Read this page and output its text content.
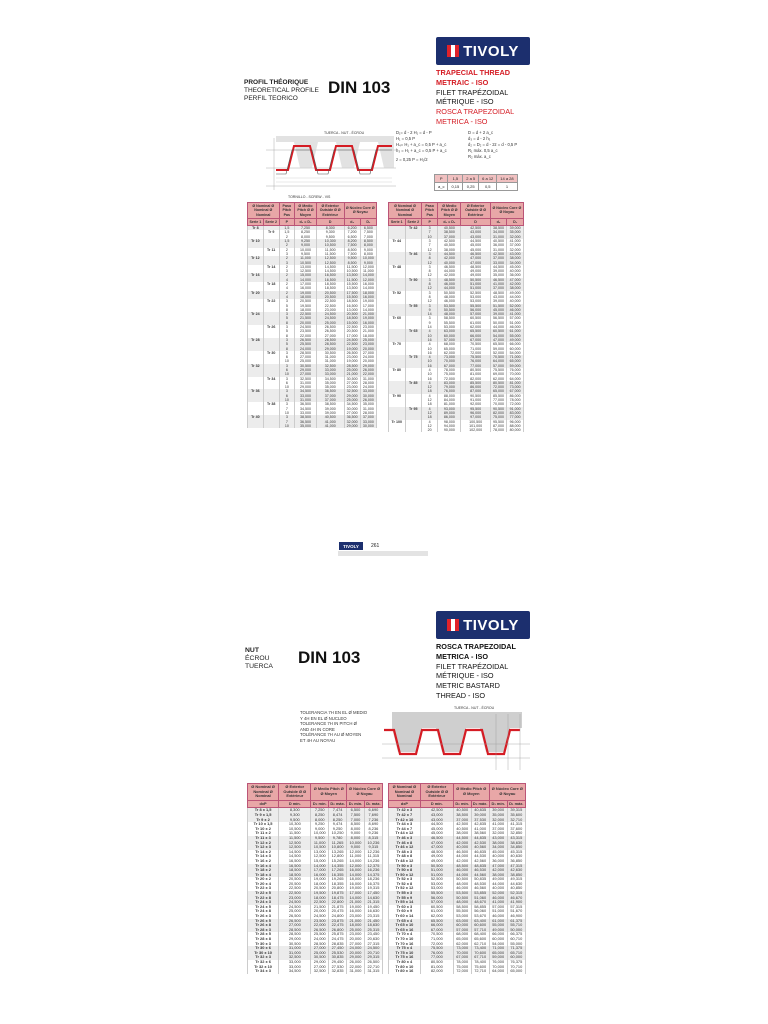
TIVOLY
PROFIL THÉORIQUE
THEORETICAL PROFILE
PERFIL TEORICO
DIN 103
TRAPECIAL THREAD
METRAIC - ISO
FILET TRAPÉZOIDAL
MÉTRIQUE - ISO
ROSCA TRAPEZOIDAL
METRICA - ISO
TUERCA - NUT - ÉCROU
TORNILLO - SCREW - VIS
D₁= d - 2 H₁ = d - P
H₁ = 0,5 P
H₄= H₁ + a_c = 0,5 P + a_c
h₃ = H₁ + a_c = 0,5 P + a_c
z = 0,25 P = H₁/2
D = d + 2 a_c
d₃ = d - 2 h₃
d₂ = D₂ = d - 2z = d - 0,5 P
R₁ máx. 0,5 a_c
R₂ máx. a_c
P	1,5	2 a 5	6 a 12	14 a 28
a_c	0,15	0,25	0,5	1
Ø Nominal Ø Nominal Ø Nominal		Paso Pitch Pas	Ø Medio Pitch Ø Ø Moyen	Ø Exterior Outside Ø Ø Extérieur	Ø Núcleo Core Ø Ø Noyau	
Serie 1	Serie 2	P	d₂ = D₂	D	d₃	D₁
Tr 8		1,5	7,250	8,300	6,200	6,500
	Tr 9	1,5	8,250	9,300	7,200	7,500
		2	8,000	9,500	6,500	7,000
Tr 10		1,5	9,250	10,300	8,200	8,500
		2	9,000	10,500	7,500	8,000
	Tr 11	2	10,000	11,500	8,500	9,000
		3	9,500	11,500	7,500	8,000
Tr 12		2	11,000	12,500	9,500	10,000
		3	10,500	12,500	8,500	9,000
	Tr 14	2	13,000	14,500	11,500	12,000
		3	12,500	14,500	10,500	11,000
Tr 16		2	15,000	16,500	13,500	14,000
		4	14,000	16,500	11,500	12,000
	Tr 18	2	17,000	18,500	15,500	16,000
		4	16,000	18,500	13,500	14,000
Tr 20		2	19,000	20,500	17,500	18,000
		4	18,000	20,500	15,500	16,000
	Tr 22	3	20,500	22,500	18,500	19,000
		5	19,500	22,500	16,500	17,000
		8	18,000	23,000	13,000	14,000
Tr 24		3	22,500	24,500	20,500	21,000
		5	21,500	24,500	18,500	19,000
		8	20,000	25,000	15,000	16,000
	Tr 26	3	24,500	26,500	22,500	23,000
		5	23,500	26,500	20,500	21,000
		8	22,000	27,000	17,000	18,000
Tr 28		3	26,500	28,500	24,500	25,000
		5	25,500	28,500	22,500	23,000
		8	24,000	29,000	19,000	20,000
	Tr 30	3	28,500	30,500	26,500	27,000
		6	27,000	31,000	23,000	24,000
		10	25,000	31,000	19,000	20,000
Tr 32		3	30,500	32,500	28,500	29,000
		6	29,000	33,000	25,000	26,000
		10	27,000	33,000	21,000	22,000
	Tr 34	3	32,500	34,500	30,500	31,000
		6	31,000	35,000	27,000	28,000
		10	29,000	35,000	23,000	24,000
Tr 36		3	34,500	36,500	32,500	33,000
		6	33,000	37,000	29,000	30,000
		10	31,000	37,000	25,000	26,000
	Tr 38	3	36,500	38,500	34,500	35,000
		7	34,500	39,000	30,000	31,000
		10	33,000	39,000	27,000	28,000
Tr 40		3	38,500	40,500	36,500	37,000
		7	36,500	41,000	32,000	33,000
		10	35,000	41,000	29,000	30,000
Ø Nominal Ø Nominal Ø Nominal		Paso Pitch Pas	Ø Medio Pitch Ø Ø Moyen	Ø Exterior Outside Ø Ø Extérieur	Ø Núcleo Core Ø Ø Noyau	
Serie 1	Serie 2	P	d₂ = D₂	D	d₃	D₁
	Tr 42	3	40,500	42,500	38,500	39,000
		7	38,500	43,000	34,000	35,000
		10	37,000	43,000	31,000	32,000
Tr 44		3	42,500	44,500	40,500	41,000
		7	40,500	45,000	36,000	37,000
		12	38,000	45,000	31,000	32,000
	Tr 46	3	44,500	46,500	42,500	43,000
		8	42,000	47,000	37,000	38,000
		12	40,000	47,000	33,000	34,000
Tr 48		3	46,500	48,500	44,500	45,000
		8	44,000	49,000	39,000	40,000
		12	42,000	49,000	35,000	36,000
	Tr 50	3	48,500	50,500	46,500	47,000
		8	46,000	51,000	41,000	42,000
		12	44,000	51,000	37,000	38,000
Tr 52		3	50,500	52,500	48,500	49,000
		8	48,000	53,000	43,000	44,000
		12	46,000	53,000	39,000	40,000
	Tr 55	3	53,500	55,500	51,500	52,000
		9	50,500	56,000	45,000	46,000
		14	48,000	57,000	39,000	41,000
Tr 60		3	58,500	60,500	56,500	57,000
		9	55,500	61,000	50,000	51,000
		14	53,000	62,000	44,000	46,000
	Tr 65	4	63,000	65,500	60,500	61,000
		10	60,000	66,000	54,000	55,000
		16	57,000	67,000	47,000	49,000
Tr 70		4	68,000	70,500	65,500	66,000
		10	65,000	71,000	59,000	60,000
		16	62,000	72,000	52,000	54,000
	Tr 75	4	73,000	75,500	70,500	71,000
		10	70,000	76,000	64,000	65,000
		16	67,000	77,000	57,000	59,000
Tr 80		4	78,000	80,500	75,500	76,000
		10	75,000	81,000	69,000	70,000
		16	72,000	82,000	62,000	64,000
	Tr 85	4	83,000	85,500	80,500	81,000
		12	79,000	86,000	72,000	73,000
		18	76,000	87,000	65,000	67,000
Tr 90		4	88,000	90,500	85,500	86,000
		12	84,000	91,000	77,000	78,000
		18	81,000	92,000	70,000	72,000
	Tr 95	4	93,000	95,500	90,500	91,000
		12	89,000	96,000	82,000	83,000
		18	86,000	97,000	75,000	77,000
Tr 100		4	98,000	100,500	95,500	96,000
		12	94,000	101,000	87,000	88,000
		20	90,000	102,000	78,000	80,000
TIVOLY	261
TIVOLY
NUT
ÉCROU
TUERCA DIN 103
ROSCA TRAPEZOIDAL
METRICA - ISO
FILET TRAPÉZOIDAL
MÉTRIQUE - ISO
METRIC BASTARD
THREAD - ISO
TOLERANCIA 7H EN EL Ø MEDIO
Y 4H EN EL Ø NUCLEO
TOLERANCE 7H IN PITCH Ø
AND 4H IN CORE
TOLÉRANCE 7H AU Ø MOYEN
ET 4H AU NOYAU
TUERCA - NUT - ÉCROU
Ø Nominal Ø Nominal Ø Nominal	Ø Exterior Outside Ø Ø Extérieur	Ø Medio Pitch Ø Ø Moyen		Ø Núcleo Core Ø Ø Noyau	
dxP	D mín.	D₂ mín.	D₂ máx.	D₁ mín.	D₁ máx.
Tr 8 x 1,5	8,300	7,250	7,474	6,500	6,690
Tr 9 x 1,5	9,300	8,250	8,474	7,500	7,690
Tr 9 x 2	9,500	8,000	8,250	7,000	7,236
Tr 10 x 1,5	10,300	9,250	9,474	8,500	8,690
Tr 10 x 2	10,500	9,000	9,250	8,000	8,236
Tr 11 x 2	11,500	10,000	10,250	9,000	9,236
Tr 11 x 3	11,500	9,500	9,780	8,000	8,315
Tr 12 x 2	12,500	11,000	11,265	10,000	10,236
Tr 12 x 3	12,500	10,500	10,800	9,000	9,315
Tr 14 x 2	14,500	13,000	13,265	12,000	12,236
Tr 14 x 3	14,500	12,500	12,800	11,000	11,315
Tr 16 x 2	16,500	15,000	15,265	14,000	14,236
Tr 16 x 4	16,500	14,000	14,355	12,000	12,375
Tr 18 x 2	18,500	17,000	17,265	16,000	16,236
Tr 18 x 4	18,500	16,000	16,355	14,000	14,375
Tr 20 x 2	20,500	19,000	19,265	18,000	18,236
Tr 20 x 4	20,500	18,000	18,355	16,000	16,375
Tr 22 x 3	22,500	20,500	20,800	19,000	19,315
Tr 22 x 5	22,500	19,500	19,875	17,000	17,450
Tr 22 x 8	23,000	18,000	18,475	14,000	14,630
Tr 24 x 3	24,500	22,500	22,800	21,000	21,315
Tr 24 x 5	24,500	21,500	21,875	19,000	19,450
Tr 24 x 8	25,000	20,000	20,475	16,000	16,630
Tr 26 x 3	26,500	24,500	24,800	23,000	23,315
Tr 26 x 5	26,500	23,500	23,875	21,000	21,450
Tr 26 x 8	27,000	22,000	22,475	18,000	18,630
Tr 28 x 3	28,500	26,500	26,800	25,000	25,315
Tr 28 x 5	28,500	25,500	25,875	23,000	23,450
Tr 28 x 8	29,000	24,000	24,475	20,000	20,630
Tr 30 x 3	30,500	28,500	28,835	27,000	27,315
Tr 30 x 6	31,000	27,000	27,450	24,000	24,500
Tr 30 x 10	31,000	25,000	25,530	20,000	20,710
Tr 32 x 3	32,500	30,500	30,835	29,000	29,315
Tr 32 x 6	33,000	29,000	29,450	26,000	26,500
Tr 32 x 10	33,000	27,000	27,530	22,000	22,710
Tr 34 x 3	34,500	32,500	32,835	31,000	31,315
Ø Nominal Ø Nominal Ø Nominal	Ø Exterior Outside Ø Ø Extérieur	Ø Medio Pitch Ø Ø Moyen		Ø Núcleo Core Ø Ø Noyau	
dxP	D mín.	D₂ mín.	D₂ máx.	D₁ mín.	D₁ máx.
Tr 42 x 3	42,500	40,500	40,835	39,000	39,315
Tr 42 x 7	43,000	38,500	39,000	35,000	35,600
Tr 42 x 10	43,000	37,000	37,530	32,000	32,710
Tr 44 x 3	44,500	42,500	42,835	41,000	41,315
Tr 44 x 7	45,000	40,500	41,000	37,000	37,600
Tr 44 x 12	45,000	38,000	38,560	32,000	32,850
Tr 46 x 3	46,500	44,500	44,835	43,000	43,315
Tr 46 x 8	47,000	42,000	42,530	38,000	38,630
Tr 46 x 12	47,000	40,000	40,560	34,000	34,850
Tr 48 x 3	48,500	46,500	46,835	45,000	45,315
Tr 48 x 8	49,000	44,000	44,530	40,000	40,630
Tr 48 x 12	49,000	42,000	42,560	36,000	36,850
Tr 50 x 3	50,500	48,500	48,835	47,000	47,315
Tr 50 x 8	51,000	46,000	46,530	42,000	42,630
Tr 50 x 12	51,000	44,000	44,560	38,000	38,850
Tr 52 x 3	52,500	50,500	50,835	49,000	49,315
Tr 52 x 8	53,000	48,000	48,530	44,000	44,630
Tr 52 x 12	53,000	46,000	46,560	40,000	40,850
Tr 55 x 3	55,500	53,500	53,855	52,000	52,315
Tr 55 x 9	56,000	50,500	51,060	46,000	46,670
Tr 55 x 14	57,000	48,000	48,670	41,000	41,900
Tr 60 x 3	60,500	58,500	58,855	57,000	57,315
Tr 60 x 9	61,000	55,500	56,060	51,000	51,670
Tr 60 x 14	62,000	53,000	53,670	46,000	46,900
Tr 65 x 4	65,500	63,000	63,400	61,000	61,375
Tr 65 x 10	66,000	60,000	60,600	55,000	55,710
Tr 65 x 16	67,000	57,000	57,710	49,000	50,000
Tr 70 x 4	70,500	68,000	68,400	66,000	66,375
Tr 70 x 10	71,000	65,000	65,600	60,000	60,710
Tr 70 x 16	72,000	62,000	62,710	54,000	55,000
Tr 75 x 4	75,500	73,000	73,400	71,000	71,375
Tr 75 x 10	76,000	70,000	70,600	65,000	65,710
Tr 75 x 16	77,000	67,000	67,710	59,000	60,000
Tr 80 x 4	80,500	78,000	78,400	76,000	76,375
Tr 80 x 10	81,000	75,000	75,600	70,000	70,710
Tr 80 x 16	82,000	72,000	72,710	64,000	65,000
